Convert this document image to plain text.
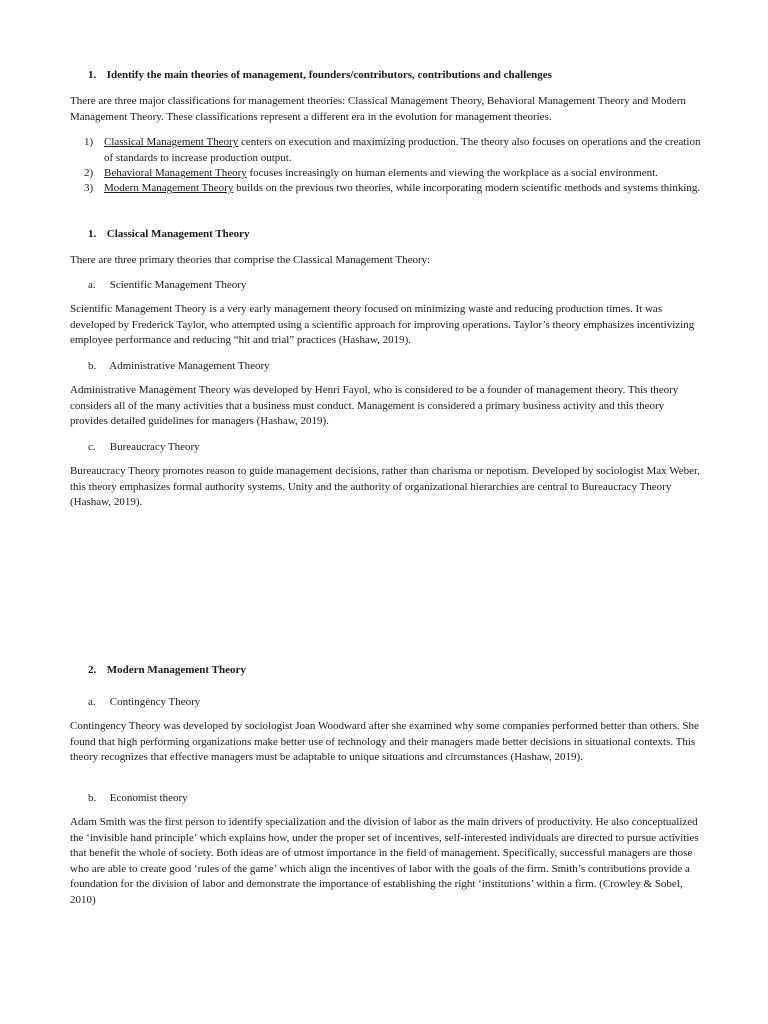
1. Identify the main theories of management, founders/contributors, contributions and challenges

There are three major classifications for management theories: Classical Management Theory, Behavioral Management Theory and Modern Management Theory. These classifications represent a different era in the evolution for management theories.

1) Classical Management Theory centers on execution and maximizing production. The theory also focuses on operations and the creation of standards to increase production output.
2) Behavioral Management Theory focuses increasingly on human elements and viewing the workplace as a social environment.
3) Modern Management Theory builds on the previous two theories, while incorporating modern scientific methods and systems thinking.
1. Classical Management Theory

There are three primary theories that comprise the Classical Management Theory:

a. Scientific Management Theory

Scientific Management Theory is a very early management theory focused on minimizing waste and reducing production times. It was developed by Frederick Taylor, who attempted using a scientific approach for improving operations. Taylor’s theory emphasizes incentivizing employee performance and reducing “hit and trial” practices (Hashaw, 2019).

b. Administrative Management Theory

Administrative Management Theory was developed by Henri Fayol, who is considered to be a founder of management theory. This theory considers all of the many activities that a business must conduct. Management is considered a primary business activity and this theory provides detailed guidelines for managers (Hashaw, 2019).

c. Bureaucracy Theory

Bureaucracy Theory promotes reason to guide management decisions, rather than charisma or nepotism. Developed by sociologist Max Weber, this theory emphasizes formal authority systems. Unity and the authority of organizational hierarchies are central to Bureaucracy Theory (Hashaw, 2019).

2. Modern Management Theory
a. Contingency Theory

Contingency Theory was developed by sociologist Joan Woodward after she examined why some companies performed better than others. She found that high performing organizations make better use of technology and their managers made better decisions in situational contexts. This theory recognizes that effective managers must be adaptable to unique situations and circumstances (Hashaw, 2019).

b. Economist theory

Adam Smith was the first person to identify specialization and the division of labor as the main drivers of productivity. He also conceptualized the ‘invisible hand principle’ which explains how, under the proper set of incentives, self-interested individuals are directed to pursue activities that benefit the whole of society. Both ideas are of utmost importance in the field of management. Specifically, successful managers are those who are able to create good ‘rules of the game’ which align the incentives of labor with the goals of the firm. Smith’s contributions provide a foundation for the division of labor and demonstrate the importance of establishing the right ‘institutions’ within a firm. (Crowley & Sobel, 2010)
